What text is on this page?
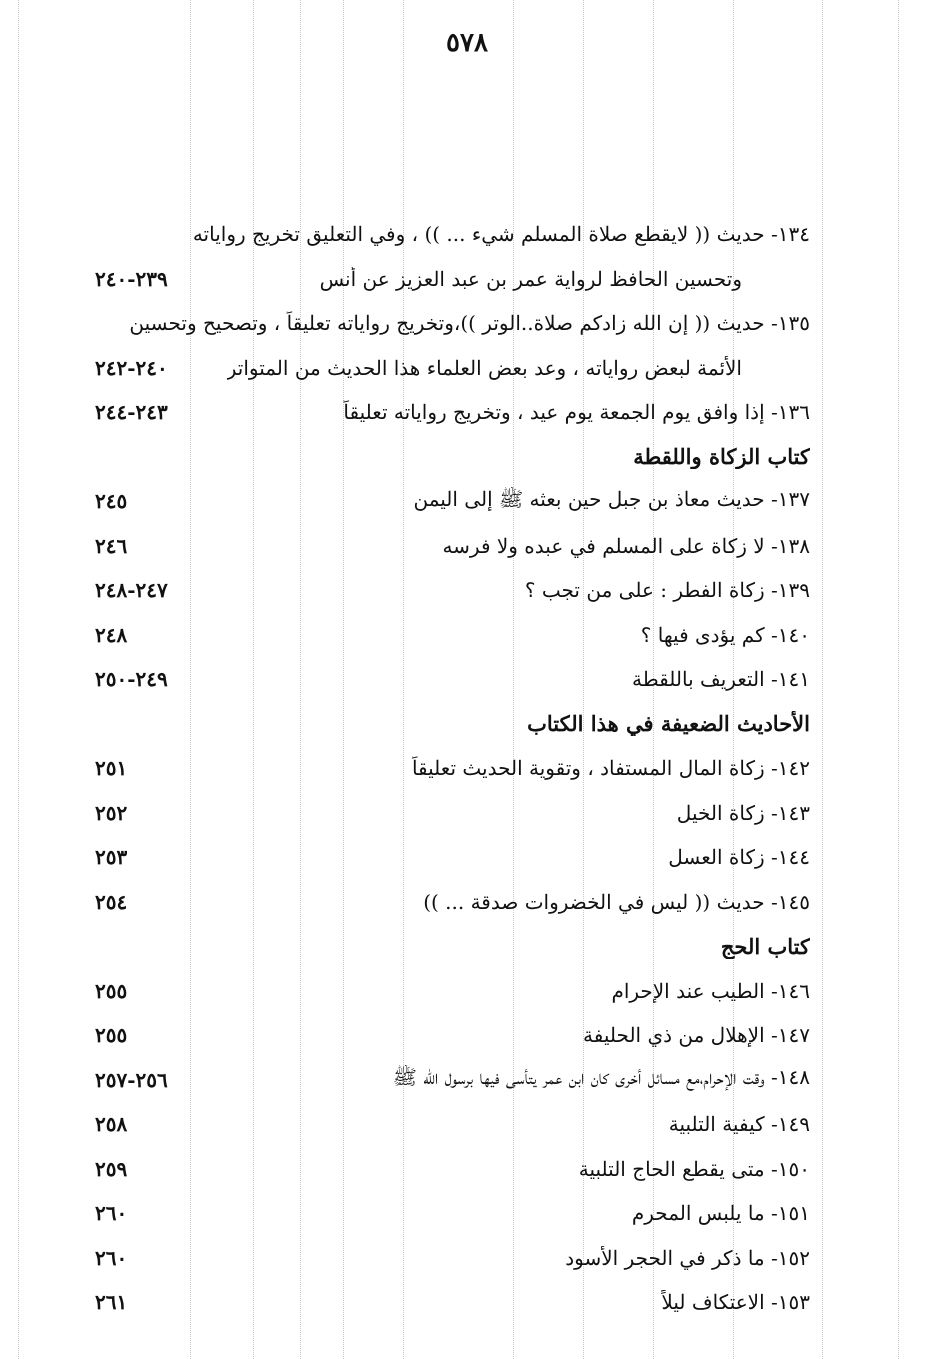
٥٧٨
١٣٤- حديث (( لايقطع صلاة المسلم شيء ... )) ، وفي التعليق تخريج رواياته
وتحسين الحافظ لرواية عمر بن عبد العزيز عن أنس
٢٣٩-٢٤٠
١٣٥- حديث (( إن الله زادكم صلاة..الوتر ))،وتخريج رواياته تعليقاً ، وتصحيح وتحسين
الأئمة لبعض رواياته ، وعد بعض العلماء هذا الحديث من المتواتر
٢٤٠-٢٤٢
١٣٦- إذا وافق يوم الجمعة يوم عيد ، وتخريج رواياته تعليقاً
٢٤٣-٢٤٤
كتاب الزكاة واللقطة
١٣٧- حديث معاذ بن جبل حين بعثه ﷺ إلى اليمن
٢٤٥
١٣٨- لا زكاة على المسلم في عبده ولا فرسه
٢٤٦
١٣٩- زكاة الفطر : على من تجب ؟
٢٤٧-٢٤٨
١٤٠- كم يؤدى فيها ؟
٢٤٨
١٤١- التعريف باللقطة
٢٤٩-٢٥٠
الأحاديث الضعيفة في هذا الكتاب
١٤٢- زكاة المال المستفاد ، وتقوية الحديث تعليقاً
٢٥١
١٤٣- زكاة الخيل
٢٥٢
١٤٤- زكاة العسل
٢٥٣
١٤٥- حديث (( ليس في الخضروات صدقة ... ))
٢٥٤
كتاب الحج
١٤٦- الطيب عند الإحرام
٢٥٥
١٤٧- الإهلال من ذي الحليفة
٢٥٥
١٤٨- وقت الإحرام،مع مسائل أخرى كان ابن عمر يتأسى فيها برسول الله ﷺ
٢٥٦-٢٥٧
١٤٩- كيفية التلبية
٢٥٨
١٥٠- متى يقطع الحاج التلبية
٢٥٩
١٥١- ما يلبس المحرم
٢٦٠
١٥٢- ما ذكر في الحجر الأسود
٢٦٠
١٥٣- الاعتكاف ليلاً
٢٦١
